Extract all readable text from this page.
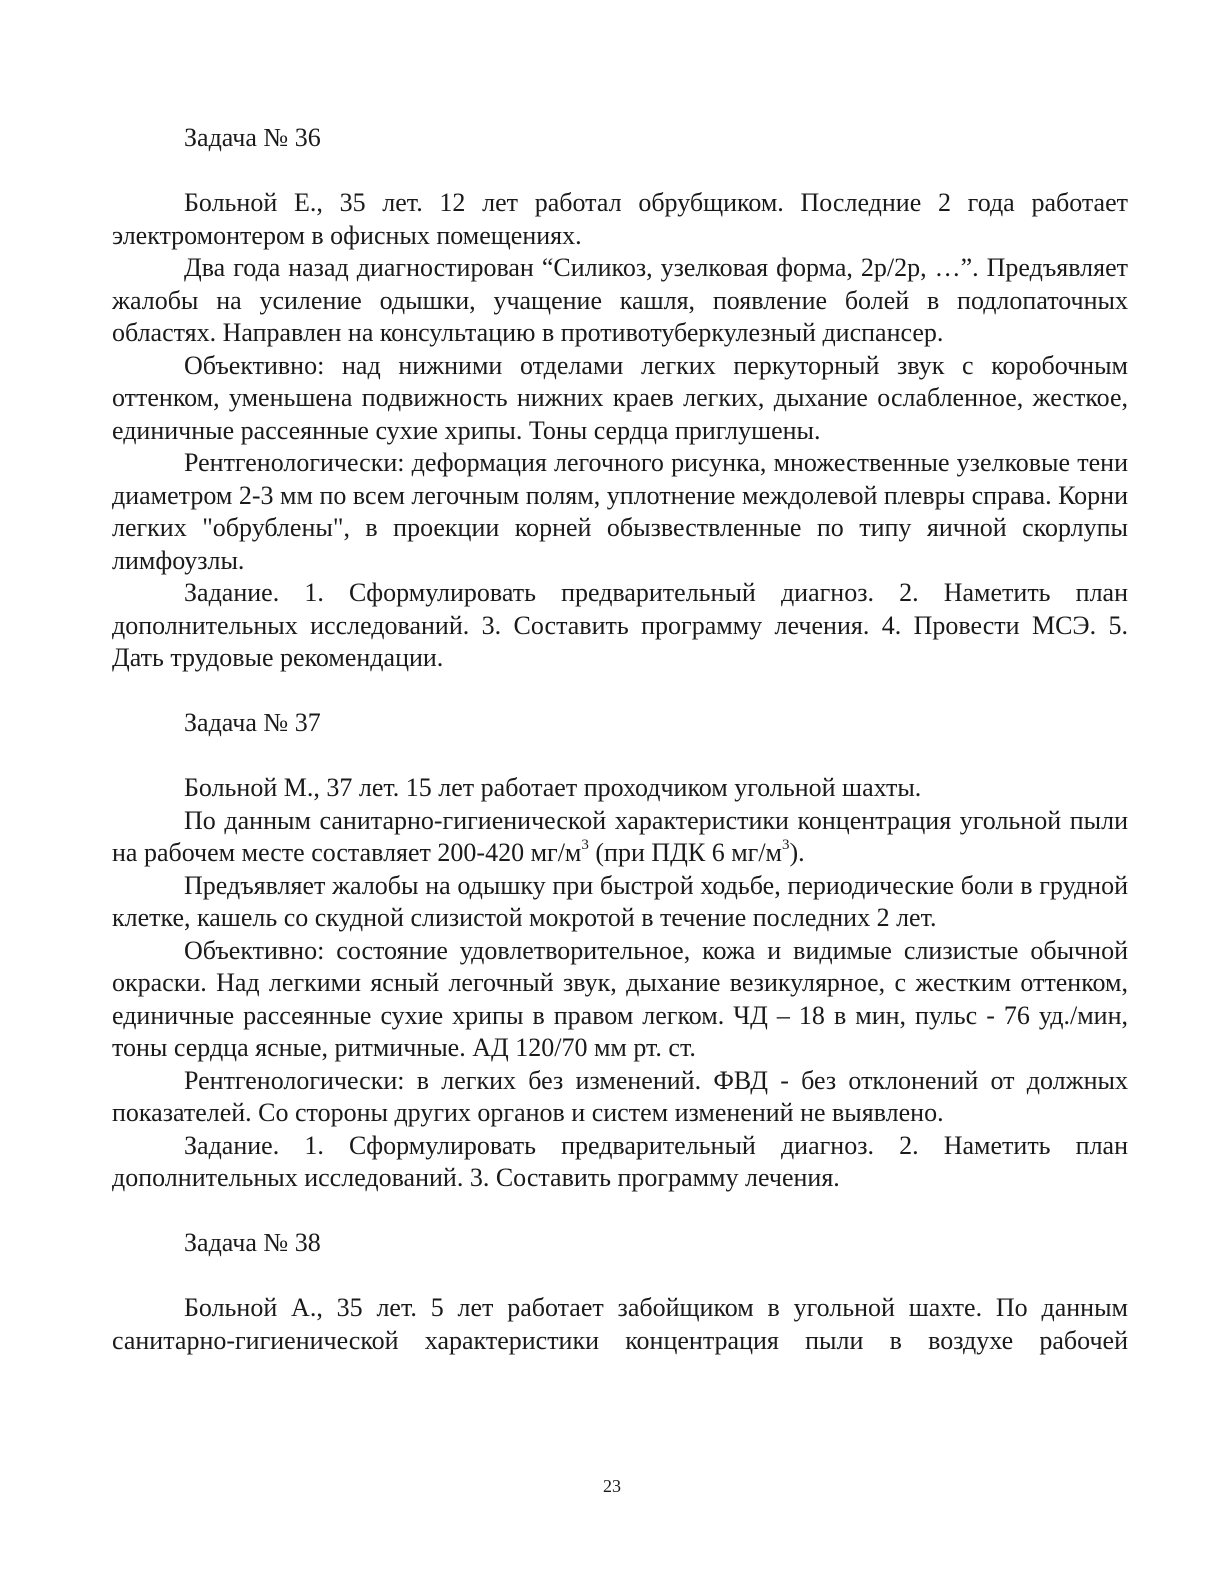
Задача № 36

Больной Е., 35 лет. 12 лет работал обрубщиком. Последние 2 года работает электромонтером в офисных помещениях.

Два года назад диагностирован “Силикоз, узелковая форма, 2р/2р, …”. Предъявляет жалобы на усиление одышки, учащение кашля, появление болей в подлопаточных областях. Направлен на консультацию в противотуберкулезный диспансер.

Объективно: над нижними отделами легких перкуторный звук с коробочным оттенком, уменьшена подвижность нижних краев легких, дыхание ослабленное, жесткое, единичные рассеянные сухие хрипы. Тоны сердца приглушены.

Рентгенологически: деформация легочного рисунка, множественные узелковые тени диаметром 2-3 мм по всем легочным полям, уплотнение междолевой плевры справа. Корни легких "обрублены", в проекции корней обызвествленные по типу яичной скорлупы лимфоузлы.

Задание. 1. Сформулировать предварительный диагноз. 2. Наметить план дополнительных исследований. 3. Составить программу лечения. 4. Провести МСЭ. 5. Дать трудовые рекомендации.

Задача № 37

Больной М., 37 лет. 15 лет работает проходчиком угольной шахты.

По данным санитарно-гигиенической характеристики концентрация угольной пыли на рабочем месте составляет 200-420 $мг/м^3$ (при ПДК 6 $мг/м^3$).

Предъявляет жалобы на одышку при быстрой ходьбе, периодические боли в грудной клетке, кашель со скудной слизистой мокротой в течение последних 2 лет.

Объективно: состояние удовлетворительное, кожа и видимые слизистые обычной окраски. Над легкими ясный легочный звук, дыхание везикулярное, с жестким оттенком, единичные рассеянные сухие хрипы в правом легком. ЧД – 18 в мин, пульс - 76 уд./мин, тоны сердца ясные, ритмичные. АД 120/70 мм рт. ст.

Рентгенологически: в легких без изменений. ФВД - без отклонений от должных показателей. Со стороны других органов и систем изменений не выявлено.

Задание. 1. Сформулировать предварительный диагноз. 2. Наметить план дополнительных исследований. 3. Составить программу лечения.

Задача № 38

Больной А., 35 лет. 5 лет работает забойщиком в угольной шахте. По данным санитарно-гигиенической характеристики концентрация пыли в воздухе рабочей

23
